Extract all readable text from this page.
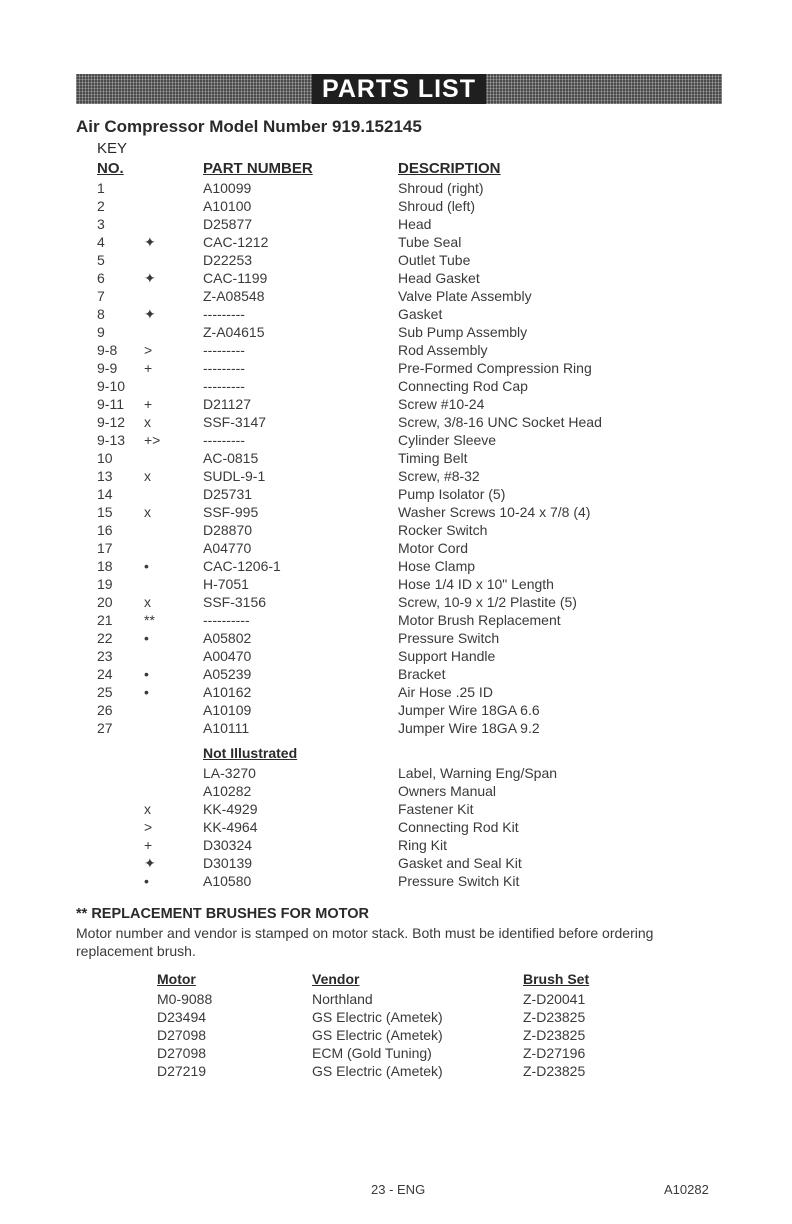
PARTS LIST
Air Compressor Model Number 919.152145
KEY
NO.	PART NUMBER	DESCRIPTION
1	A10099	Shroud (right)
2	A10100	Shroud (left)
3	D25877	Head
4	✦	CAC-1212	Tube Seal
5	D22253	Outlet Tube
6	✦	CAC-1199	Head Gasket
7	Z-A08548	Valve Plate Assembly
8	✦	---------	Gasket
9	Z-A04615	Sub Pump Assembly
9-8 >	---------	Rod Assembly
9-9 +	---------	Pre-Formed Compression Ring
9-10	---------	Connecting Rod Cap
9-11 +	D21127	Screw #10-24
9-12 x	SSF-3147	Screw, 3/8-16 UNC Socket Head
9-13 +>	---------	Cylinder Sleeve
10	AC-0815	Timing Belt
13 x	SUDL-9-1	Screw, #8-32
14	D25731	Pump Isolator (5)
15 x	SSF-995	Washer Screws 10-24 x 7/8 (4)
16	D28870	Rocker Switch
17	A04770	Motor Cord
18 •	CAC-1206-1	Hose Clamp
19	H-7051	Hose 1/4 ID x 10" Length
20 x	SSF-3156	Screw, 10-9 x 1/2 Plastite (5)
21 **	----------	Motor Brush Replacement
22 •	A05802	Pressure Switch
23	A00470	Support Handle
24 •	A05239	Bracket
25 •	A10162	Air Hose .25 ID
26	A10109	Jumper Wire 18GA 6.6
27	A10111	Jumper Wire 18GA 9.2
Not Illustrated
LA-3270	Label, Warning Eng/Span
A10282	Owners Manual
x	KK-4929	Fastener Kit
>	KK-4964	Connecting Rod Kit
+	D30324	Ring Kit
✦	D30139	Gasket and Seal Kit
•	A10580	Pressure Switch Kit
** REPLACEMENT BRUSHES FOR MOTOR
Motor number and vendor is stamped on motor stack. Both must be identified before ordering replacement brush.
Motor	Vendor	Brush Set
M0-9088	Northland	Z-D20041
D23494	GS Electric (Ametek)	Z-D23825
D27098	GS Electric (Ametek)	Z-D23825
D27098	ECM (Gold Tuning)	Z-D27196
D27219	GS Electric (Ametek)	Z-D23825
23 - ENG	A10282
